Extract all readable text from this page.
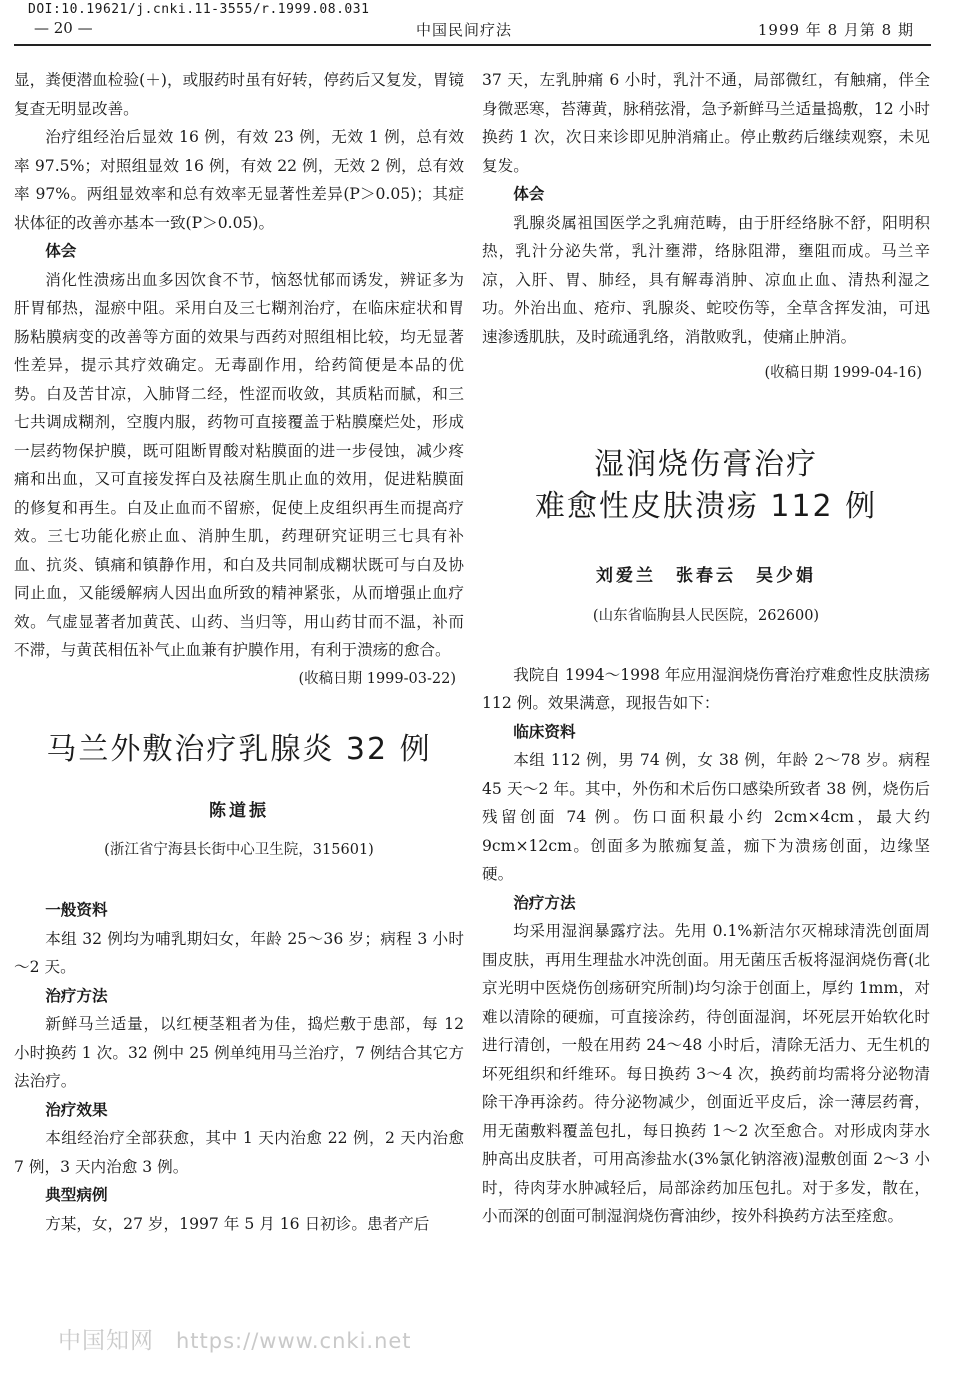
DOI:10.19621/j.cnki.11-3555/r.1999.08.031
— 20 —	中国民间疗法	1999 年 8 月第 8 期

显，粪便潜血检验(＋)，或服药时虽有好转，停药后又复发，胃镜复查无明显改善。

治疗组经治后显效 16 例，有效 23 例，无效 1 例，总有效率 97.5%；对照组显效 16 例，有效 22 例，无效 2 例，总有效率 97%。两组显效率和总有效率无显著性差异(P＞0.05)；其症状体征的改善亦基本一致(P＞0.05)。

体会

消化性溃疡出血多因饮食不节，恼怒忧郁而诱发，辨证多为肝胃郁热，湿瘀中阻。采用白及三七糊剂治疗，在临床症状和胃肠粘膜病变的改善等方面的效果与西药对照组相比较，均无显著性差异，提示其疗效确定。无毒副作用，给药简便是本品的优势。白及苦甘凉，入肺肾二经，性涩而收敛，其质粘而腻，和三七共调成糊剂，空腹内服，药物可直接覆盖于粘膜糜烂处，形成一层药物保护膜，既可阻断胃酸对粘膜面的进一步侵蚀，减少疼痛和出血，又可直接发挥白及祛腐生肌止血的效用，促进粘膜面的修复和再生。白及止血而不留瘀，促使上皮组织再生而提高疗效。三七功能化瘀止血、消肿生肌，药理研究证明三七具有补血、抗炎、镇痛和镇静作用，和白及共同制成糊状既可与白及协同止血，又能缓解病人因出血所致的精神紧张，从而增强止血疗效。气虚显著者加黄芪、山药、当归等，用山药甘而不温，补而不滞，与黄芪相伍补气止血兼有护膜作用，有利于溃疡的愈合。

(收稿日期 1999-03-22)
马兰外敷治疗乳腺炎 32 例
陈道振
(浙江省宁海县长街中心卫生院，315601)
一般资料

本组 32 例均为哺乳期妇女，年龄 25～36 岁；病程 3 小时～2 天。

治疗方法

新鲜马兰适量，以红梗茎粗者为佳，捣烂敷于患部，每 12 小时换药 1 次。32 例中 25 例单纯用马兰治疗，7 例结合其它方法治疗。

治疗效果

本组经治疗全部获愈，其中 1 天内治愈 22 例，2 天内治愈 7 例，3 天内治愈 3 例。

典型病例

方某，女，27 岁，1997 年 5 月 16 日初诊。患者产后

37 天，左乳肿痛 6 小时，乳汁不通，局部微红，有触痛，伴全身微恶寒，苔薄黄，脉稍弦滑，急予新鲜马兰适量捣敷，12 小时换药 1 次，次日来诊即见肿消痛止。停止敷药后继续观察，未见复发。

体会

乳腺炎属祖国医学之乳痈范畴，由于肝经络脉不舒，阳明积热，乳汁分泌失常，乳汁壅滞，络脉阻滞，壅阻而成。马兰辛凉，入肝、胃、肺经，具有解毒消肿、凉血止血、清热利湿之功。外治出血、疮疖、乳腺炎、蛇咬伤等，全草含挥发油，可迅速渗透肌肤，及时疏通乳络，消散败乳，使痛止肿消。

(收稿日期 1999-04-16)
湿润烧伤膏治疗
难愈性皮肤溃疡 112 例
刘爱兰　张春云　吴少娟
(山东省临朐县人民医院，262600)

我院自 1994～1998 年应用湿润烧伤膏治疗难愈性皮肤溃疡 112 例。效果满意，现报告如下：

临床资料

本组 112 例，男 74 例，女 38 例，年龄 2～78 岁。病程 45 天～2 年。其中，外伤和术后伤口感染所致者 38 例，烧伤后残留创面 74 例。伤口面积最小约 2cm×4cm，最大约 9cm×12cm。创面多为脓痂复盖，痂下为溃疡创面，边缘坚硬。

治疗方法

均采用湿润暴露疗法。先用 0.1%新洁尔灭棉球清洗创面周围皮肤，再用生理盐水冲洗创面。用无菌压舌板将湿润烧伤膏(北京光明中医烧伤创疡研究所制)均匀涂于创面上，厚约 1mm，对难以清除的硬痂，可直接涂药，待创面湿润，坏死层开始软化时进行清创，一般在用药 24～48 小时后，清除无活力、无生机的坏死组织和纤维环。每日换药 3～4 次，换药前均需将分泌物清除干净再涂药。待分泌物减少，创面近平皮后，涂一薄层药膏，用无菌敷料覆盖包扎，每日换药 1～2 次至愈合。对形成肉芽水肿高出皮肤者，可用高渗盐水(3%氯化钠溶液)湿敷创面 2～3 小时，待肉芽水肿减轻后，局部涂药加压包扎。对于多发，散在，小而深的创面可制湿润烧伤膏油纱，按外科换药方法至痊愈。

中国知网 https://www.cnki.net
